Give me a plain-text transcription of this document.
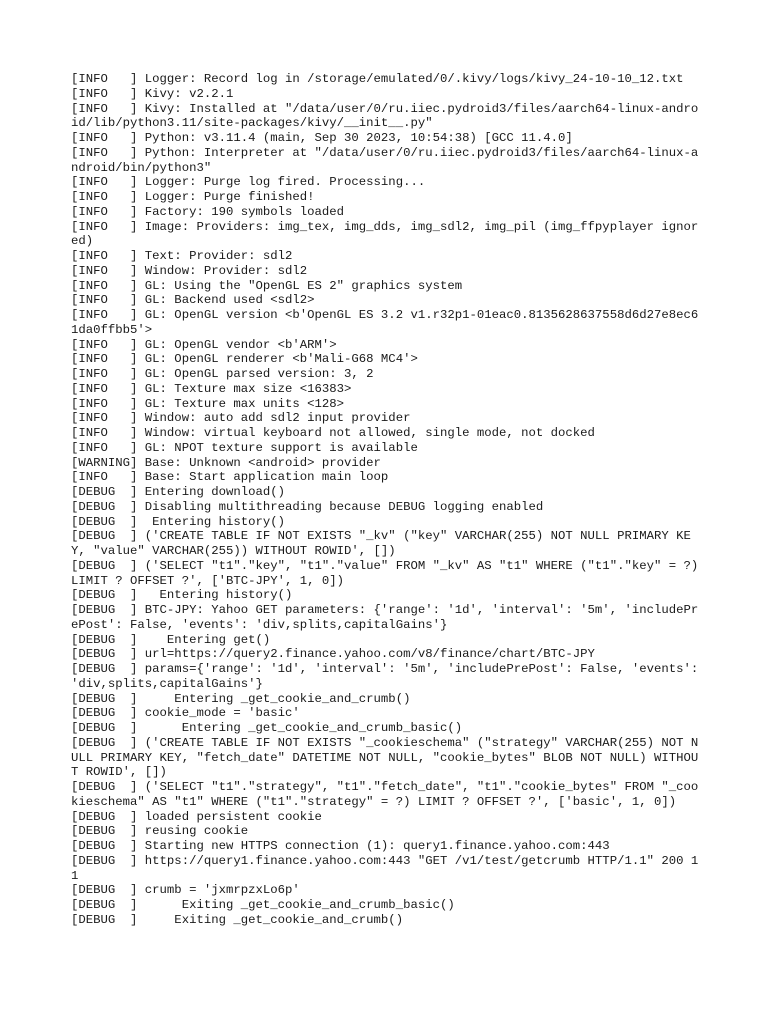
[INFO   ] Logger: Record log in /storage/emulated/0/.kivy/logs/kivy_24-10-10_12.txt
[INFO   ] Kivy: v2.2.1
[INFO   ] Kivy: Installed at "/data/user/0/ru.iiec.pydroid3/files/aarch64-linux-android/lib/python3.11/site-packages/kivy/__init__.py"
[INFO   ] Python: v3.11.4 (main, Sep 30 2023, 10:54:38) [GCC 11.4.0]
[INFO   ] Python: Interpreter at "/data/user/0/ru.iiec.pydroid3/files/aarch64-linux-android/bin/python3"
[INFO   ] Logger: Purge log fired. Processing...
[INFO   ] Logger: Purge finished!
[INFO   ] Factory: 190 symbols loaded
[INFO   ] Image: Providers: img_tex, img_dds, img_sdl2, img_pil (img_ffpyplayer ignored)
[INFO   ] Text: Provider: sdl2
[INFO   ] Window: Provider: sdl2
[INFO   ] GL: Using the "OpenGL ES 2" graphics system
[INFO   ] GL: Backend used <sdl2>
[INFO   ] GL: OpenGL version <b'OpenGL ES 3.2 v1.r32p1-01eac0.8135628637558d6d27e8ec61da0ffbb5'>
[INFO   ] GL: OpenGL vendor <b'ARM'>
[INFO   ] GL: OpenGL renderer <b'Mali-G68 MC4'>
[INFO   ] GL: OpenGL parsed version: 3, 2
[INFO   ] GL: Texture max size <16383>
[INFO   ] GL: Texture max units <128>
[INFO   ] Window: auto add sdl2 input provider
[INFO   ] Window: virtual keyboard not allowed, single mode, not docked
[INFO   ] GL: NPOT texture support is available
[WARNING] Base: Unknown <android> provider
[INFO   ] Base: Start application main loop
[DEBUG  ] Entering download()
[DEBUG  ] Disabling multithreading because DEBUG logging enabled
[DEBUG  ]  Entering history()
[DEBUG  ] ('CREATE TABLE IF NOT EXISTS "_kv" ("key" VARCHAR(255) NOT NULL PRIMARY KEY, "value" VARCHAR(255)) WITHOUT ROWID', [])
[DEBUG  ] ('SELECT "t1"."key", "t1"."value" FROM "_kv" AS "t1" WHERE ("t1"."key" = ?) LIMIT ? OFFSET ?', ['BTC-JPY', 1, 0])
[DEBUG  ]   Entering history()
[DEBUG  ] BTC-JPY: Yahoo GET parameters: {'range': '1d', 'interval': '5m', 'includePrePost': False, 'events': 'div,splits,capitalGains'}
[DEBUG  ]    Entering get()
[DEBUG  ] url=https://query2.finance.yahoo.com/v8/finance/chart/BTC-JPY
[DEBUG  ] params={'range': '1d', 'interval': '5m', 'includePrePost': False, 'events': 'div,splits,capitalGains'}
[DEBUG  ]     Entering _get_cookie_and_crumb()
[DEBUG  ] cookie_mode = 'basic'
[DEBUG  ]      Entering _get_cookie_and_crumb_basic()
[DEBUG  ] ('CREATE TABLE IF NOT EXISTS "_cookieschema" ("strategy" VARCHAR(255) NOT NULL PRIMARY KEY, "fetch_date" DATETIME NOT NULL, "cookie_bytes" BLOB NOT NULL) WITHOUT ROWID', [])
[DEBUG  ] ('SELECT "t1"."strategy", "t1"."fetch_date", "t1"."cookie_bytes" FROM "_cookieschema" AS "t1" WHERE ("t1"."strategy" = ?) LIMIT ? OFFSET ?', ['basic', 1, 0])
[DEBUG  ] loaded persistent cookie
[DEBUG  ] reusing cookie
[DEBUG  ] Starting new HTTPS connection (1): query1.finance.yahoo.com:443
[DEBUG  ] https://query1.finance.yahoo.com:443 "GET /v1/test/getcrumb HTTP/1.1" 200 11
[DEBUG  ] crumb = 'jxmrpzxLo6p'
[DEBUG  ]      Exiting _get_cookie_and_crumb_basic()
[DEBUG  ]     Exiting _get_cookie_and_crumb()
